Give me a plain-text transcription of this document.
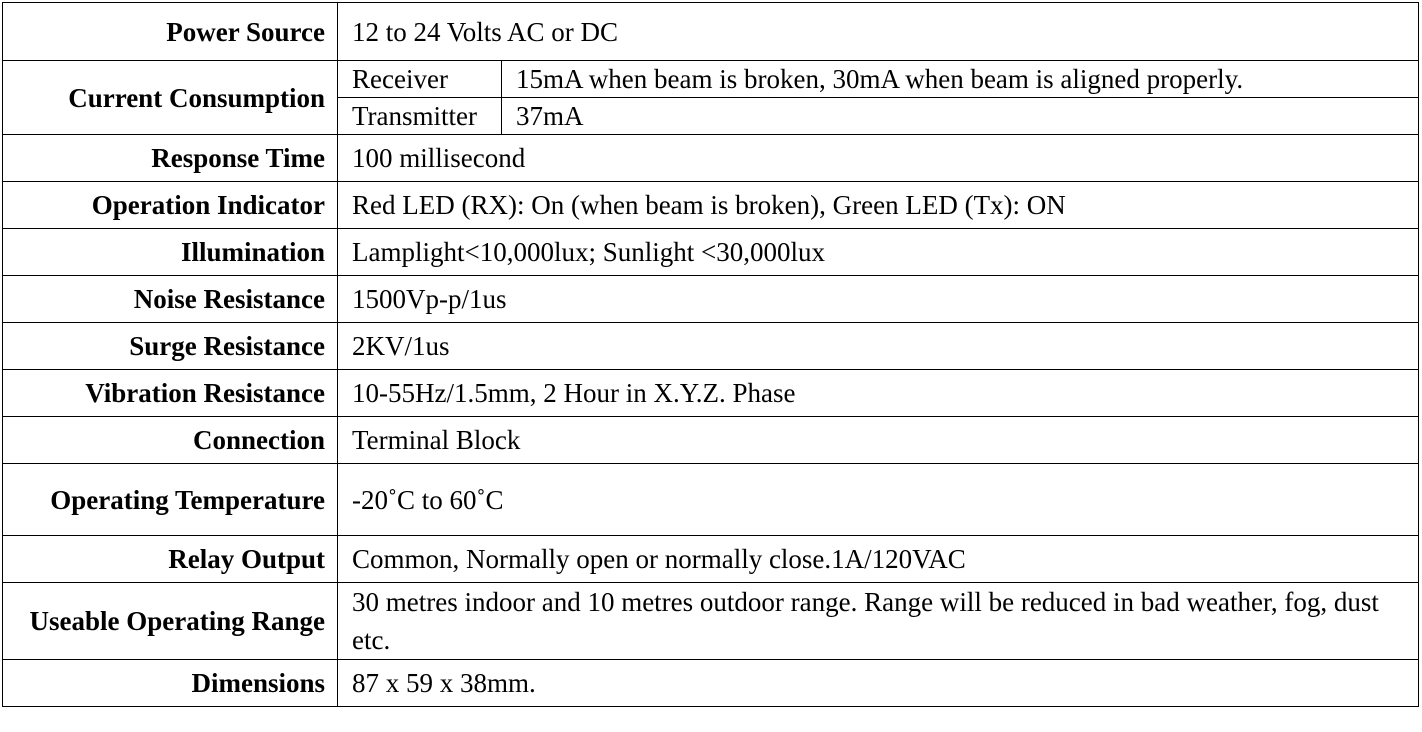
Power Source	12 to 24 Volts AC or DC	
Current Consumption	Receiver	15mA when beam is broken, 30mA when beam is aligned properly.
	Transmitter	37mA
Response Time	100 millisecond	
Operation Indicator	Red LED (RX): On (when beam is broken), Green LED (Tx): ON	
Illumination	Lamplight<10,000lux; Sunlight <30,000lux	
Noise Resistance	1500Vp-p/1us	
Surge Resistance	2KV/1us	
Vibration Resistance	10-55Hz/1.5mm, 2 Hour in X.Y.Z. Phase	
Connection	Terminal Block	
Operating Temperature	-20˚C to 60˚C	
Relay Output	Common, Normally open or normally close.1A/120VAC	
Useable Operating Range	30 metres indoor and 10 metres outdoor range. Range will be reduced in bad weather, fog, dust etc.	
Dimensions	87 x 59 x 38mm.	
